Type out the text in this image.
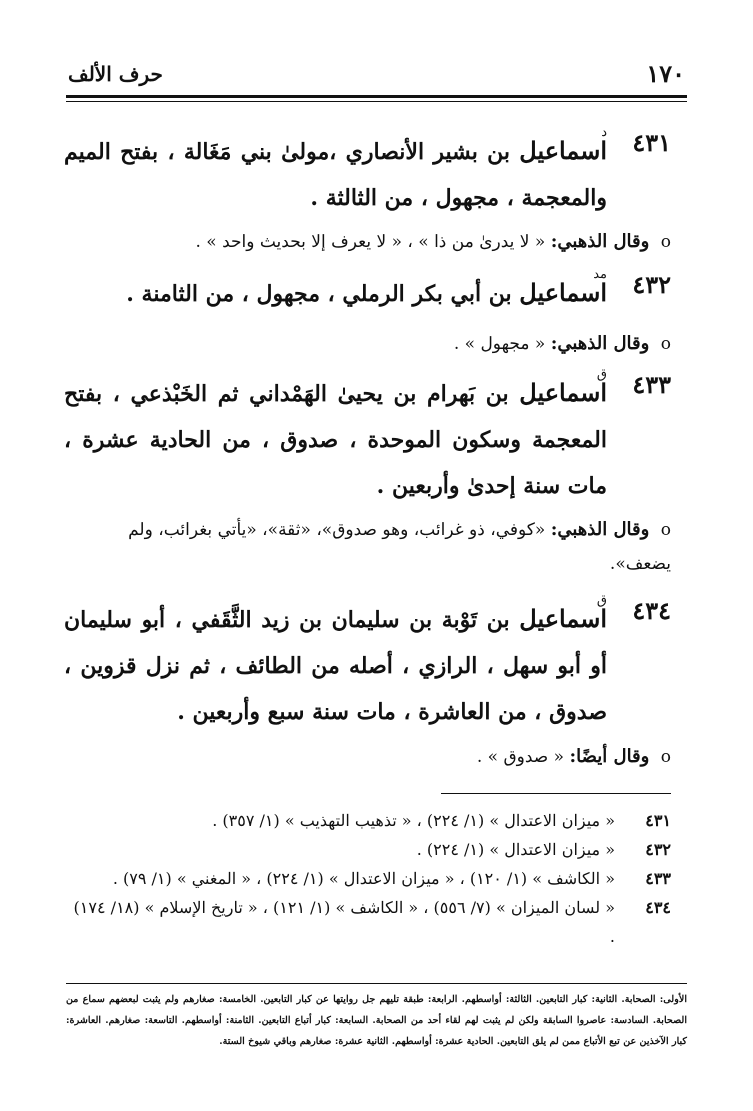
١٧٠
حرف الألف
٤٣١
د
اسماعيل بن بشير الأنصاري ،مولىٰ بني مَغَالة ، بفتح الميم والمعجمة ، مجهول ، من الثالثة .
o وقال الذهبي: « لا يدرىٰ من ذا » ، « لا يعرف إلا بحديث واحد » .
٤٣٢
مد
اسماعيل بن أبي بكر الرملي ، مجهول ، من الثامنة .
o وقال الذهبي: « مجهول » .
٤٣٣
ق
اسماعيل بن بَهرام بن يحيىٰ الهَمْداني ثم الخَبْذعي ، بفتح المعجمة وسكون الموحدة ، صدوق ، من الحادية عشرة ، مات سنة إحدىٰ وأربعين .
o وقال الذهبي: «كوفي، ذو غرائب، وهو صدوق»، «ثقة»، «يأتي بغرائب، ولم يضعف».
٤٣٤
ق
اسماعيل بن تَوْبة بن سليمان بن زيد الثَّقَفي ، أبو سليمان أو أبو سهل ، الرازي ، أصله من الطائف ، ثم نزل قزوين ، صدوق ، من العاشرة ، مات سنة سبع وأربعين .
o وقال أيضًا: « صدوق » .
٤٣١
« ميزان الاعتدال » (١/ ٢٢٤) ، « تذهيب التهذيب » (١/ ٣٥٧) .
٤٣٢
« ميزان الاعتدال » (١/ ٢٢٤) .
٤٣٣
« الكاشف » (١/ ١٢٠) ، « ميزان الاعتدال » (١/ ٢٢٤) ، « المغني » (١/ ٧٩) .
٤٣٤
« لسان الميزان » (٧/ ٥٥٦) ، « الكاشف » (١/ ١٢١) ، « تاريخ الإسلام » (١٨/ ١٧٤) .
الأولى: الصحابة. الثانية: كبار التابعين. الثالثة: أواسطهم. الرابعة: طبقة تليهم جل روايتها عن كبار التابعين. الخامسة: صغارهم ولم يثبت لبعضهم سماع من الصحابة. السادسة: عاصروا السابقة ولكن لم يثبت لهم لقاء أحد من الصحابة. السابعة: كبار أتباع التابعين. الثامنة: أواسطهم. التاسعة: صغارهم. العاشرة: كبار الآخذين عن تبع الأتباع ممن لم يلق التابعين. الحادية عشرة: أواسطهم. الثانية عشرة: صغارهم وباقي شيوخ الستة.
